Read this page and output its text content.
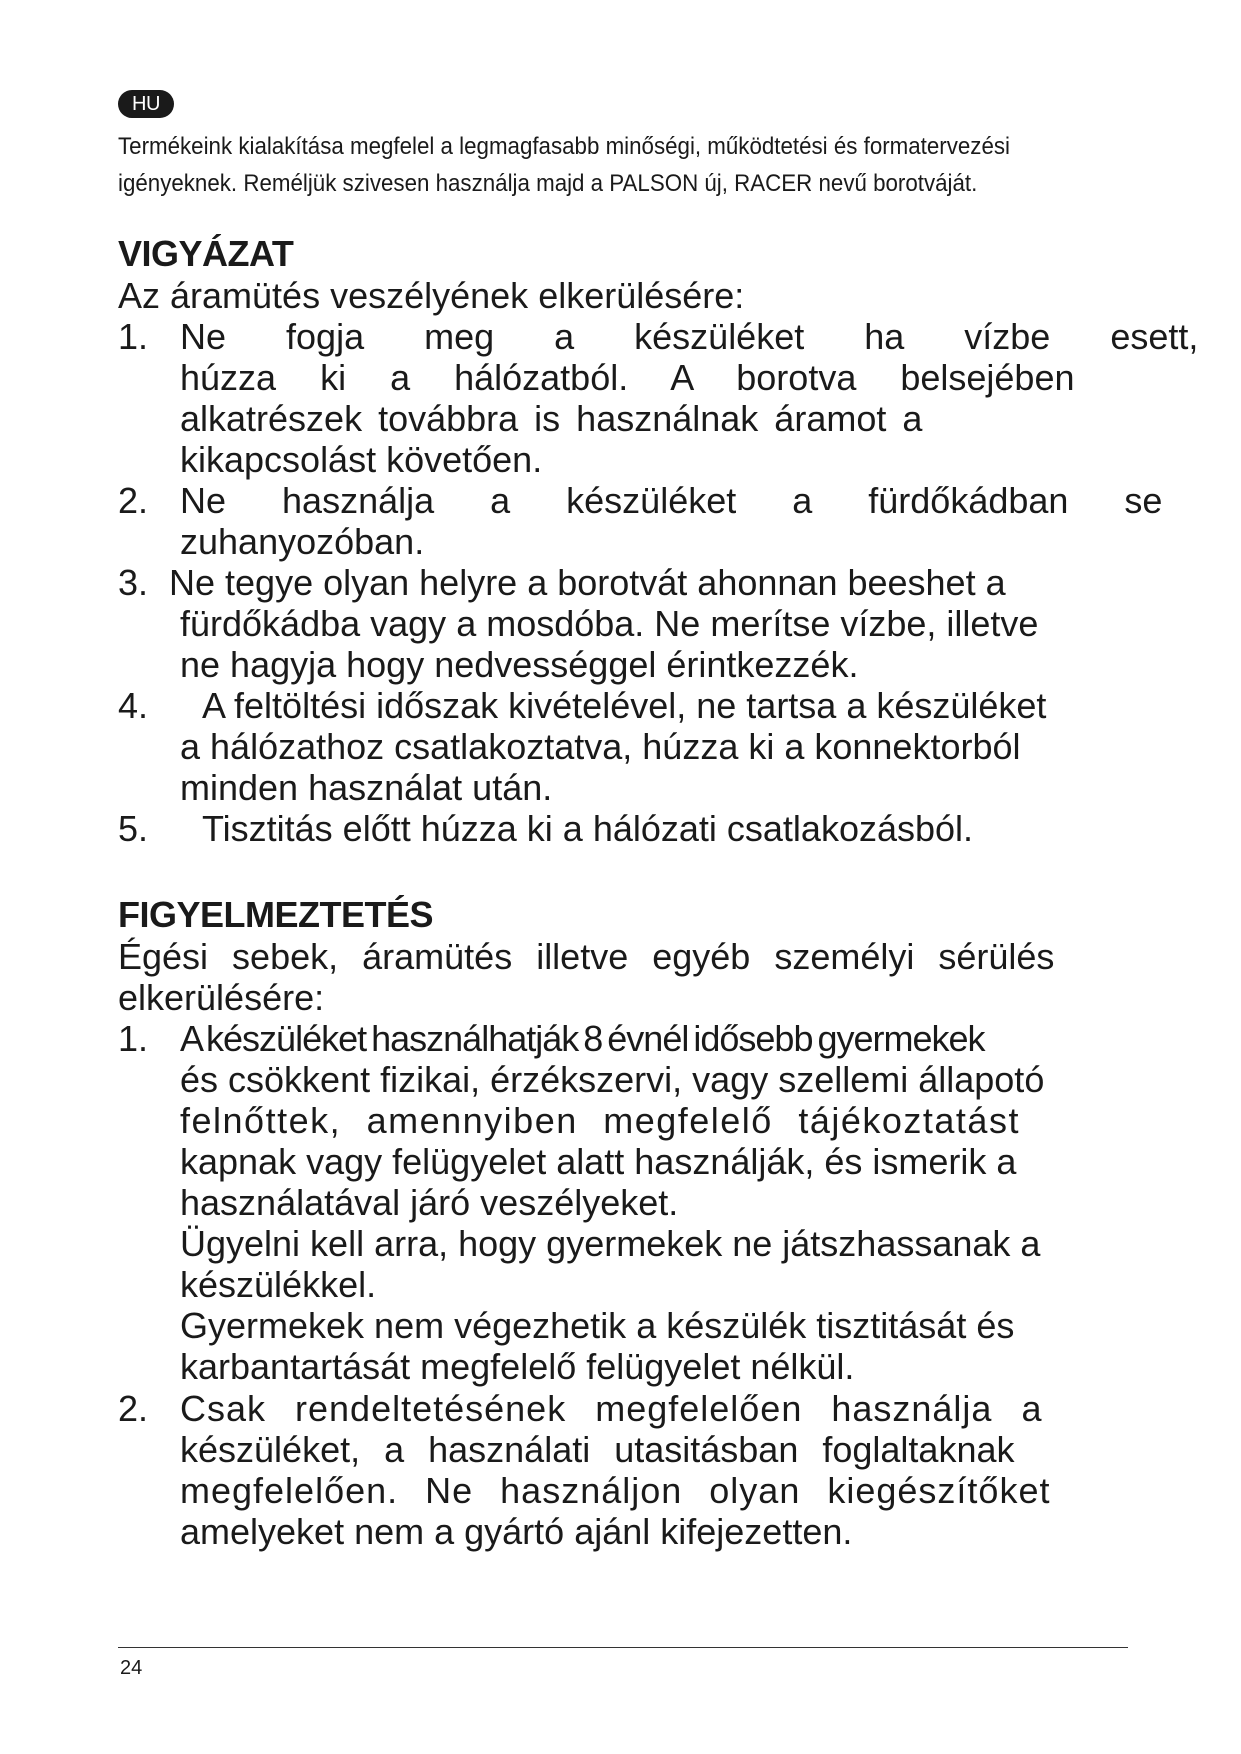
HU
Termékeink kialakítása megfelel a legmagfasabb minőségi, működtetési és formatervezési
igényeknek. Reméljük szivesen használja majd a PALSON új, RACER nevű borotváját.
VIGYÁZAT
Az áramütés veszélyének elkerülésére:
1. Ne fogja meg a készüléket ha vízbe esett,
húzza ki a hálózatból. A borotva belsejében
alkatrészek továbbra is használnak áramot a
kikapcsolást követően.
2. Ne használja a készüléket a fürdőkádban se
zuhanyozóban.
3. Ne tegye olyan helyre a borotvát ahonnan beeshet a
fürdőkádba vagy a mosdóba. Ne merítse vízbe, illetve
ne hagyja hogy nedvességgel érintkezzék.
4. A feltöltési időszak kivételével, ne tartsa a készüléket
a hálózathoz csatlakoztatva, húzza ki a konnektorból
minden használat után.
5. Tisztitás előtt húzza ki a hálózati csatlakozásból.
FIGYELMEZTETÉS
Égési sebek, áramütés illetve egyéb személyi sérülés
elkerülésére:
1. A készüléket használhatják 8 évnél idősebb gyermekek
és csökkent fizikai, érzékszervi, vagy szellemi állapotó
felnőttek, amennyiben megfelelő tájékoztatást
kapnak vagy felügyelet alatt használják, és ismerik a
használatával járó veszélyeket.
Ügyelni kell arra, hogy gyermekek ne játszhassanak a
készülékkel.
Gyermekek nem végezhetik a készülék tisztitását és
karbantartását megfelelő felügyelet nélkül.
2. Csak rendeltetésének megfelelően használja a
készüléket, a használati utasitásban foglaltaknak
megfelelően. Ne használjon olyan kiegészítőket
amelyeket nem a gyártó ajánl kifejezetten.
24
